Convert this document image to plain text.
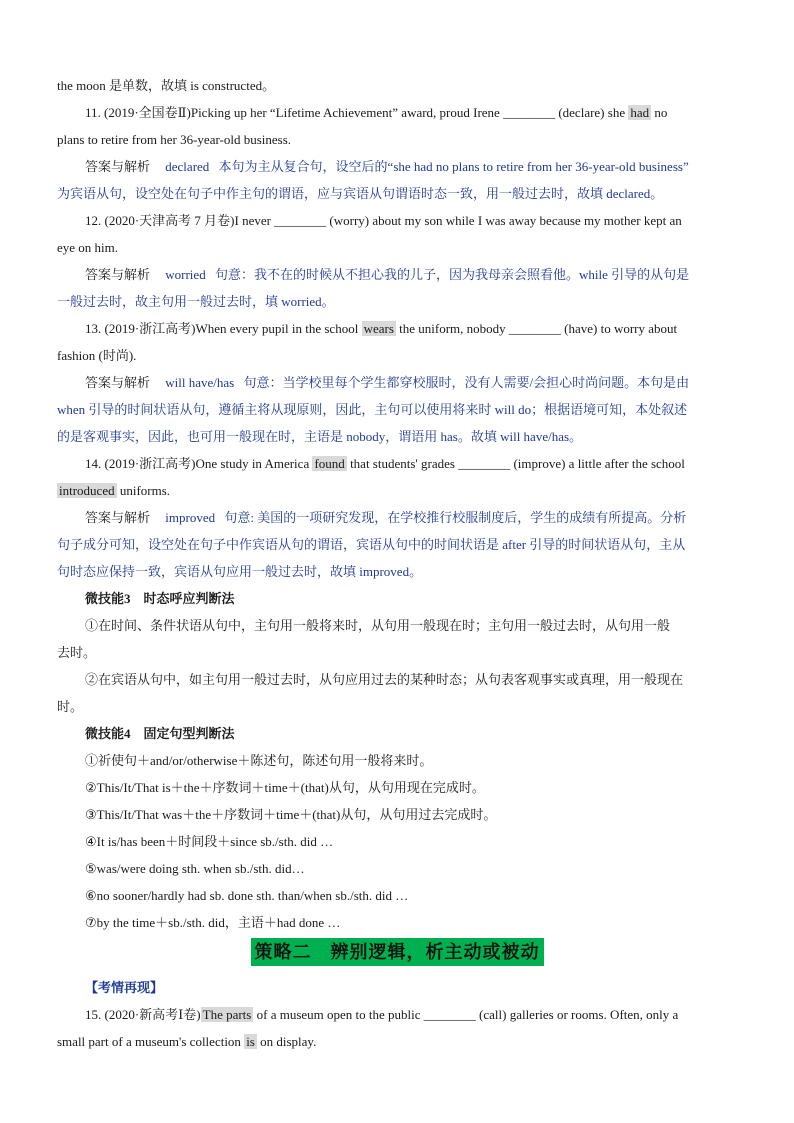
the moon 是单数，故填 is constructed。
11. (2019·全国卷Ⅱ)Picking up her “Lifetime Achievement” award, proud Irene ________ (declare) she had no
plans to retire from her 36-year-old business.
答案与解析 declared 本句为主从复合句，设空后的“she had no plans to retire from her 36-year-old business”
为宾语从句，设空处在句子中作主句的谓语，应与宾语从句谓语时态一致，用一般过去时，故填 declared。
12. (2020·天津高考 7 月卷)I never ________ (worry) about my son while I was away because my mother kept an
eye on him.
答案与解析 worried 句意：我不在的时候从不担心我的儿子，因为我母亲会照看他。while 引导的从句是
一般过去时，故主句用一般过去时，填 worried。
13. (2019·浙江高考)When every pupil in the school wears the uniform, nobody ________ (have) to worry about
fashion (时尚).
答案与解析 will have/has 句意：当学校里每个学生都穿校服时，没有人需要/会担心时尚问题。本句是由
when 引导的时间状语从句，遵循主将从现原则，因此，主句可以使用将来时 will do；根据语境可知，本处叙述
的是客观事实，因此，也可用一般现在时，主语是 nobody，谓语用 has。故填 will have/has。
14. (2019·浙江高考)One study in America found that students' grades ________ (improve) a little after the school
introduced uniforms.
答案与解析 improved 句意: 美国的一项研究发现，在学校推行校服制度后，学生的成绩有所提高。分析
句子成分可知，设空处在句子中作宾语从句的谓语，宾语从句中的时间状语是 after 引导的时间状语从句，主从
句时态应保持一致，宾语从句应用一般过去时，故填 improved。
微技能3　时态呼应判断法
①在时间、条件状语从句中，主句用一般将来时，从句用一般现在时；主句用一般过去时，从句用一般
去时。
②在宾语从句中，如主句用一般过去时，从句应用过去的某种时态；从句表客观事实或真理，用一般现在
时。
微技能4　固定句型判断法
①祈使句＋and/or/otherwise＋陈述句，陈述句用一般将来时。
②This/It/That is＋the＋序数词＋time＋(that)从句，从句用现在完成时。
③This/It/That was＋the＋序数词＋time＋(that)从句，从句用过去完成时。
④It is/has been＋时间段＋since sb./sth. did …
⑤was/were doing sth. when sb./sth. did…
⑥no sooner/hardly had sb. done sth. than/when sb./sth. did …
⑦by the time＋sb./sth. did，主语＋had done …
策略二　辨别逻辑，析主动或被动
【考情再现】
15. (2020·新高考Ⅰ卷) The parts of a museum open to the public ________ (call) galleries or rooms. Often, only a
small part of a museum's collection is on display.
